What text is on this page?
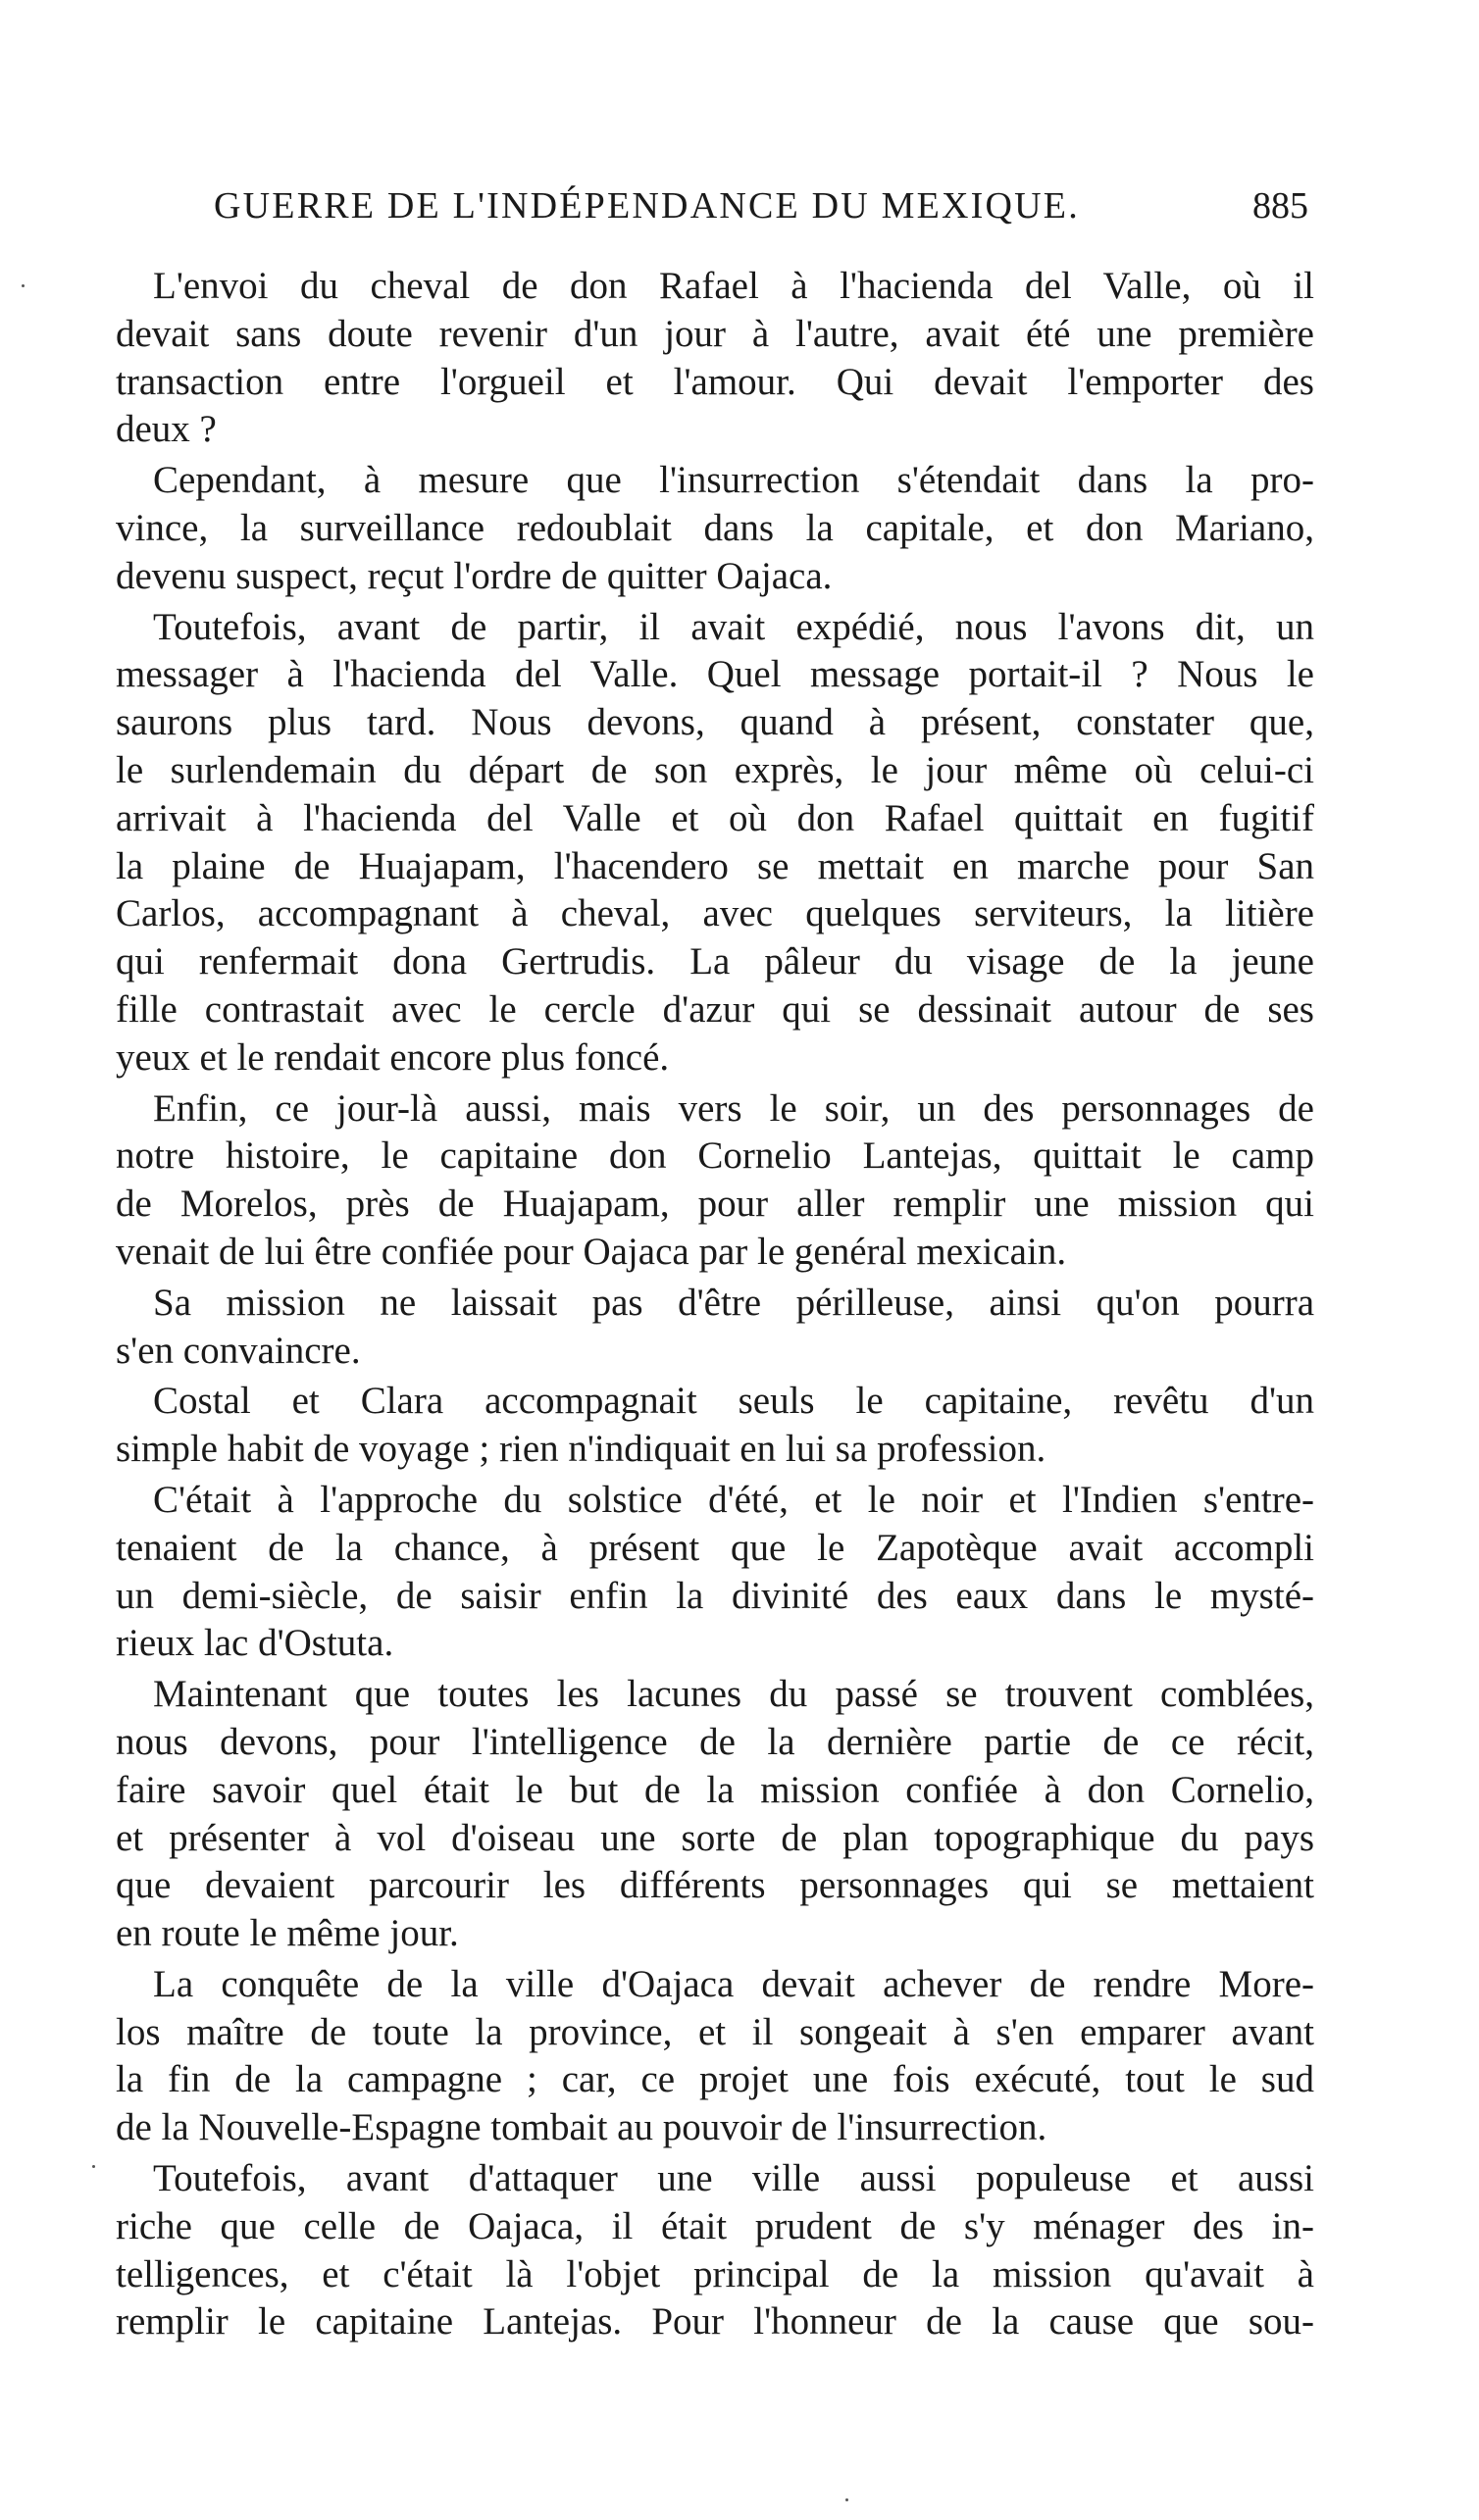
GUERRE DE L'INDÉPENDANCE DU MEXIQUE.	885

L'envoi du cheval de don Rafael à l'hacienda del Valle, où il
devait sans doute revenir d'un jour à l'autre, avait été une première
transaction entre l'orgueil et l'amour. Qui devait l'emporter des
deux ?

Cependant, à mesure que l'insurrection s'étendait dans la pro-
vince, la surveillance redoublait dans la capitale, et don Mariano,
devenu suspect, reçut l'ordre de quitter Oajaca.

Toutefois, avant de partir, il avait expédié, nous l'avons dit, un
messager à l'hacienda del Valle. Quel message portait-il ? Nous le
saurons plus tard. Nous devons, quand à présent, constater que,
le surlendemain du départ de son exprès, le jour même où celui-ci
arrivait à l'hacienda del Valle et où don Rafael quittait en fugitif
la plaine de Huajapam, l'hacendero se mettait en marche pour San
Carlos, accompagnant à cheval, avec quelques serviteurs, la litière
qui renfermait dona Gertrudis. La pâleur du visage de la jeune
fille contrastait avec le cercle d'azur qui se dessinait autour de ses
yeux et le rendait encore plus foncé.

Enfin, ce jour-là aussi, mais vers le soir, un des personnages de
notre histoire, le capitaine don Cornelio Lantejas, quittait le camp
de Morelos, près de Huajapam, pour aller remplir une mission qui
venait de lui être confiée pour Oajaca par le genéral mexicain.

Sa mission ne laissait pas d'être périlleuse, ainsi qu'on pourra
s'en convaincre.

Costal et Clara accompagnait seuls le capitaine, revêtu d'un
simple habit de voyage ; rien n'indiquait en lui sa profession.

C'était à l'approche du solstice d'été, et le noir et l'Indien s'entre-
tenaient de la chance, à présent que le Zapotèque avait accompli
un demi-siècle, de saisir enfin la divinité des eaux dans le mysté-
rieux lac d'Ostuta.

Maintenant que toutes les lacunes du passé se trouvent comblées,
nous devons, pour l'intelligence de la dernière partie de ce récit,
faire savoir quel était le but de la mission confiée à don Cornelio,
et présenter à vol d'oiseau une sorte de plan topographique du pays
que devaient parcourir les différents personnages qui se mettaient
en route le même jour.

La conquête de la ville d'Oajaca devait achever de rendre More-
los maître de toute la province, et il songeait à s'en emparer avant
la fin de la campagne ; car, ce projet une fois exécuté, tout le sud
de la Nouvelle-Espagne tombait au pouvoir de l'insurrection.

Toutefois, avant d'attaquer une ville aussi populeuse et aussi
riche que celle de Oajaca, il était prudent de s'y ménager des in-
telligences, et c'était là l'objet principal de la mission qu'avait à
remplir le capitaine Lantejas. Pour l'honneur de la cause que sou-
